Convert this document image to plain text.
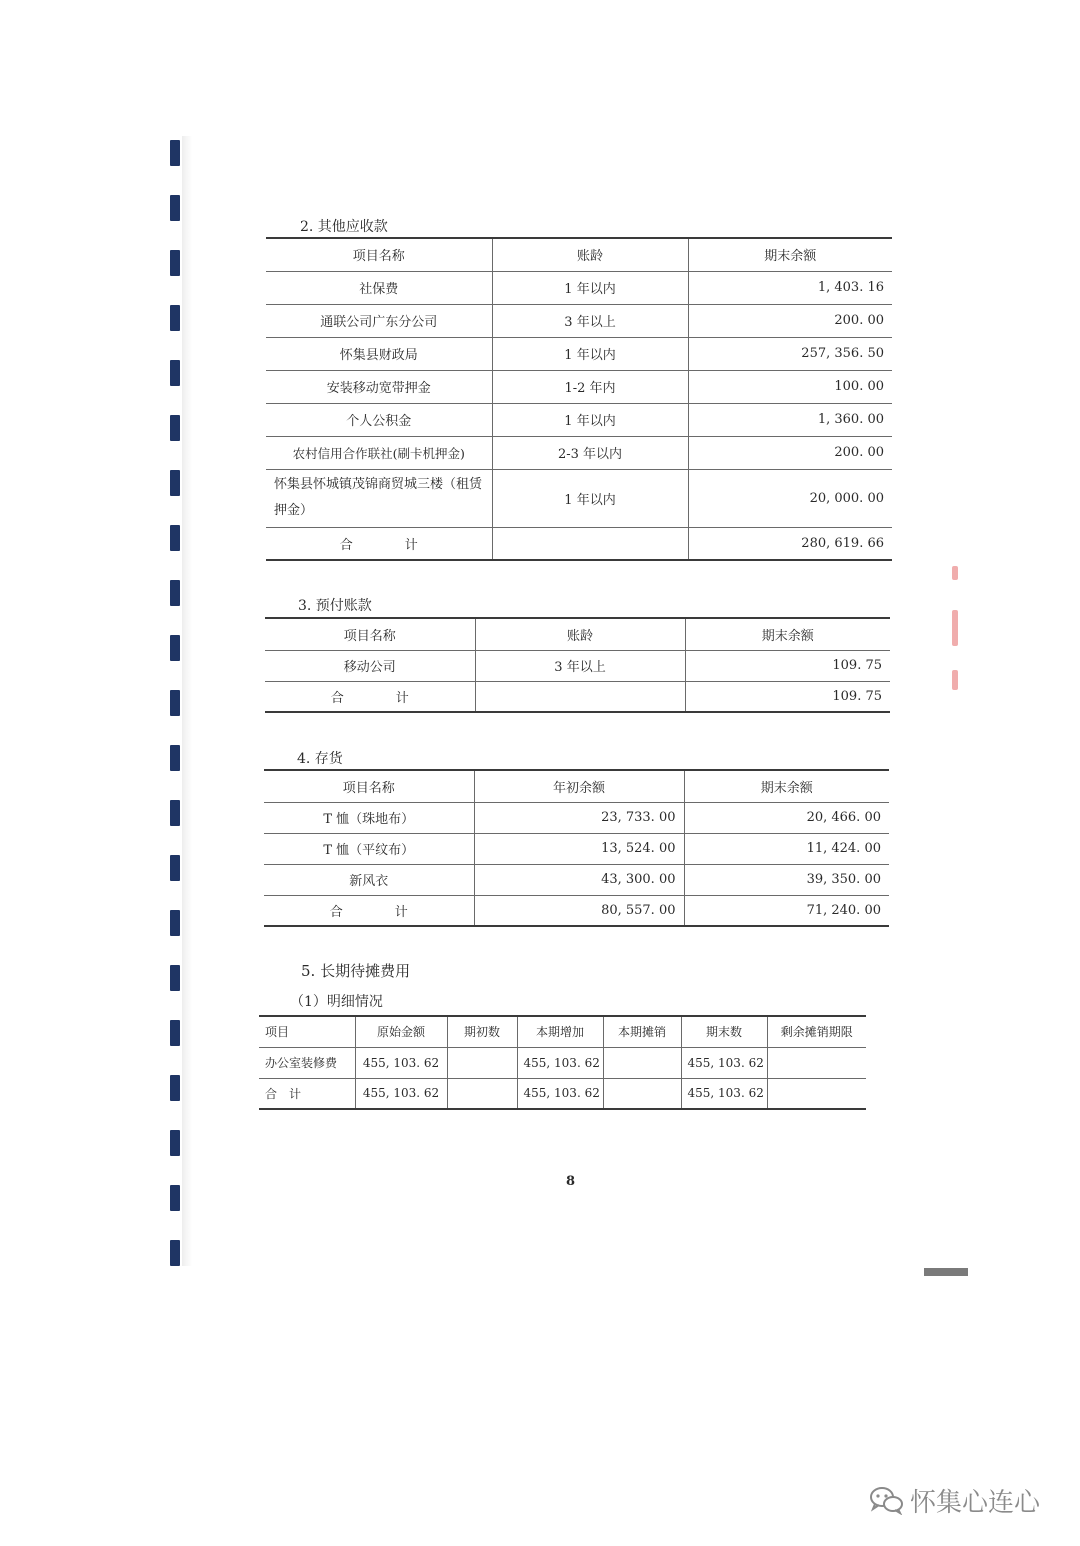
2. 其他应收款
项目名称	账龄	期末余额
社保费	1 年以内	1, 403. 16
通联公司广东分公司	3 年以上	200. 00
怀集县财政局	1 年以内	257, 356. 50
安装移动宽带押金	1-2 年内	100. 00
个人公积金	1 年以内	1, 360. 00
农村信用合作联社(刷卡机押金)	2-3 年以内	200. 00
怀集县怀城镇茂锦商贸城三楼（租赁押金）	1 年以内	20, 000. 00
合　　　　计		280, 619. 66
3. 预付账款
项目名称	账龄	期末余额
移动公司	3 年以上	109. 75
合　　　　计		109. 75
4. 存货
项目名称	年初余额	期末余额
T 恤（珠地布）	23, 733. 00	20, 466. 00
T 恤（平纹布）	13, 524. 00	11, 424. 00
新风衣	43, 300. 00	39, 350. 00
合　　　　计	80, 557. 00	71, 240. 00
5. 长期待摊费用
（1）明细情况
项目	原始金额	期初数	本期增加	本期摊销	期末数	剩余摊销期限
办公室装修费	455, 103. 62		455, 103. 62		455, 103. 62	
合　计	455, 103. 62		455, 103. 62		455, 103. 62	
8
怀集心连心
